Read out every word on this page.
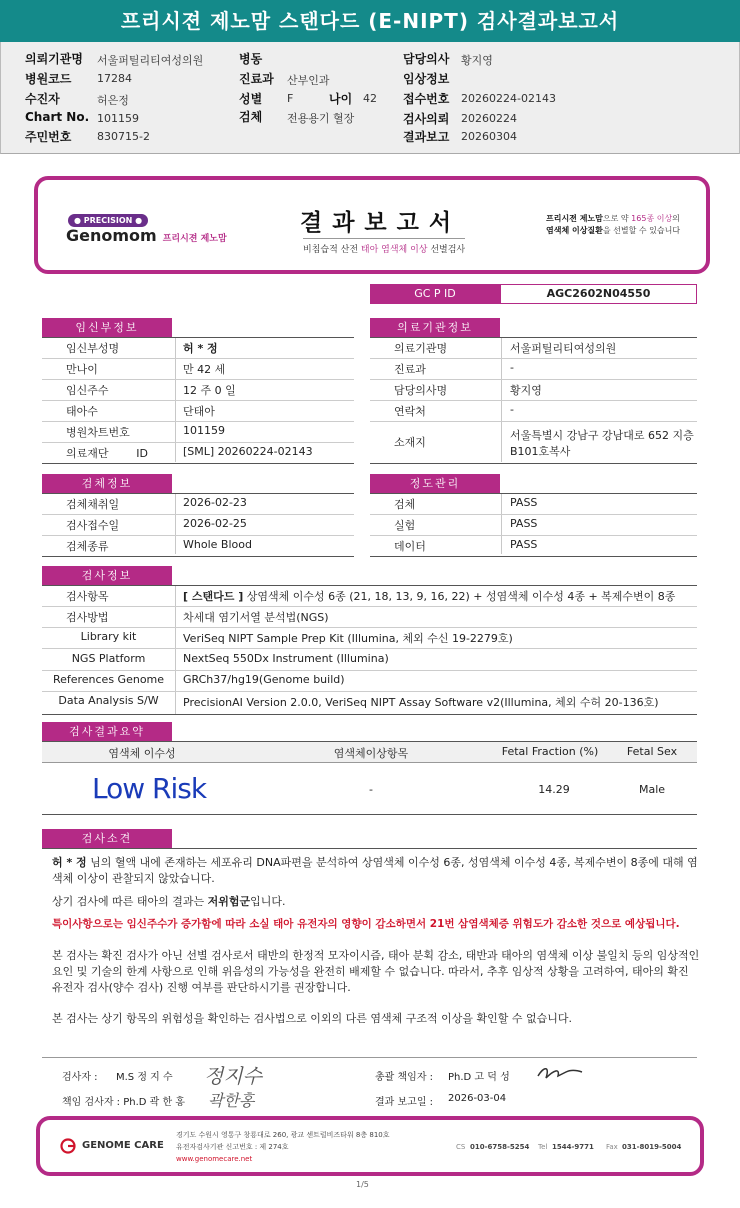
프리시젼 제노맘 스탠다드 (E-NIPT) 검사결과보고서
의뢰기관명 서울퍼틸리티여성의원
병원코드 17284
수진자	허은정
Chart No. 101159
주민번호 830715-2
병동
진료과 산부인과
성별 F	나이 42
검체 전용용기 혈장
담당의사 황지영
임상정보
접수번호 20260224-02143
검사의뢰 20260224
결과보고 20260304
● PRECISION ●
Genomom 프리시젼 제노맘
결과보고서
비침습적 산전 태아 염색체 이상 선별검사
프리시젼 제노맘으로 약 165종 이상의
염색체 이상질환을 선별할 수 있습니다
GC P ID	AGC2602N04550
임신부정보
임신부성명	허 * 정
만나이	만 42 세
임신주수	12 주 0 일
태아수	단태아
병원차트번호	101159
의료재단 ID	[SML] 20260224-02143
의료기관정보
의료기관명	서울퍼틸리티여성의원
진료과	-
담당의사명	황지영
연락처	-
소재지
서울특별시 강남구 강남대로 652 지층
B101호복사
검체정보
검체채취일	2026-02-23
검사접수일	2026-02-25
검체종류	Whole Blood
정도관리
검체	PASS
실험	PASS
데이터	PASS
검사정보
검사항목	[ 스탠다드 ] 상염색체 이수성 6종 (21, 18, 13, 9, 16, 22) + 성염색체 이수성 4종 + 복제수변이 8종
검사방법	차세대 염기서열 분석법(NGS)
Library kit	VeriSeq NIPT Sample Prep Kit (Illumina, 체외 수신 19-2279호)
NGS Platform	NextSeq 550Dx Instrument (Illumina)
References Genome	GRCh37/hg19(Genome build)
Data Analysis S/W	PrecisionAI Version 2.0.0, VeriSeq NIPT Assay Software v2(Illumina, 체외 수허 20-136호)
검사결과요약
염색체 이수성	염색체이상항목	Fetal Fraction (%)	Fetal Sex
Low Risk	-	14.29	Male
검사소견
허 * 정 님의 혈액 내에 존재하는 세포유리 DNA파편을 분석하여 상염색체 이수성 6종, 성염색체 이수성 4종, 복제수변이 8종에 대해 염색체 이상이 관찰되지 않았습니다.
상기 검사에 따른 태아의 결과는 저위험군입니다.
특이사항으로는 임신주수가 증가함에 따라 소실 태아 유전자의 영향이 감소하면서 21번 삼염색체증 위험도가 감소한 것으로 예상됩니다.
본 검사는 확진 검사가 아닌 선별 검사로서 태반의 한정적 모자이시즘, 태아 분획 감소, 태반과 태아의 염색체 이상 불일치 등의 임상적인 요인 및 기술의 한계 사항으로 인해 위음성의 가능성을 완전히 배제할 수 없습니다. 따라서, 추후 임상적 상황을 고려하여, 태아의 확진 유전자 검사(양수 검사) 진행 여부를 판단하시기를 권장합니다.
본 검사는 상기 항목의 위험성을 확인하는 검사법으로 이외의 다른 염색체 구조적 이상을 확인할 수 없습니다.
검사자 : M.S 정 지 수 정지수
책임 검사자 : Ph.D 곽 한 홍 곽한홍
총괄 책임자 : Ph.D 고 덕 성
결과 보고일 : 2026-03-04
GENOME CARE
경기도 수원시 영통구 창룡대로 260, 광교 센트럴비즈타워 8층 810호
유전자검사기관 신고번호 : 제 274호
www.genomecare.net
CS 010-6758-5254 Tel 1544-9771 Fax 031-8019-5004
1/5
